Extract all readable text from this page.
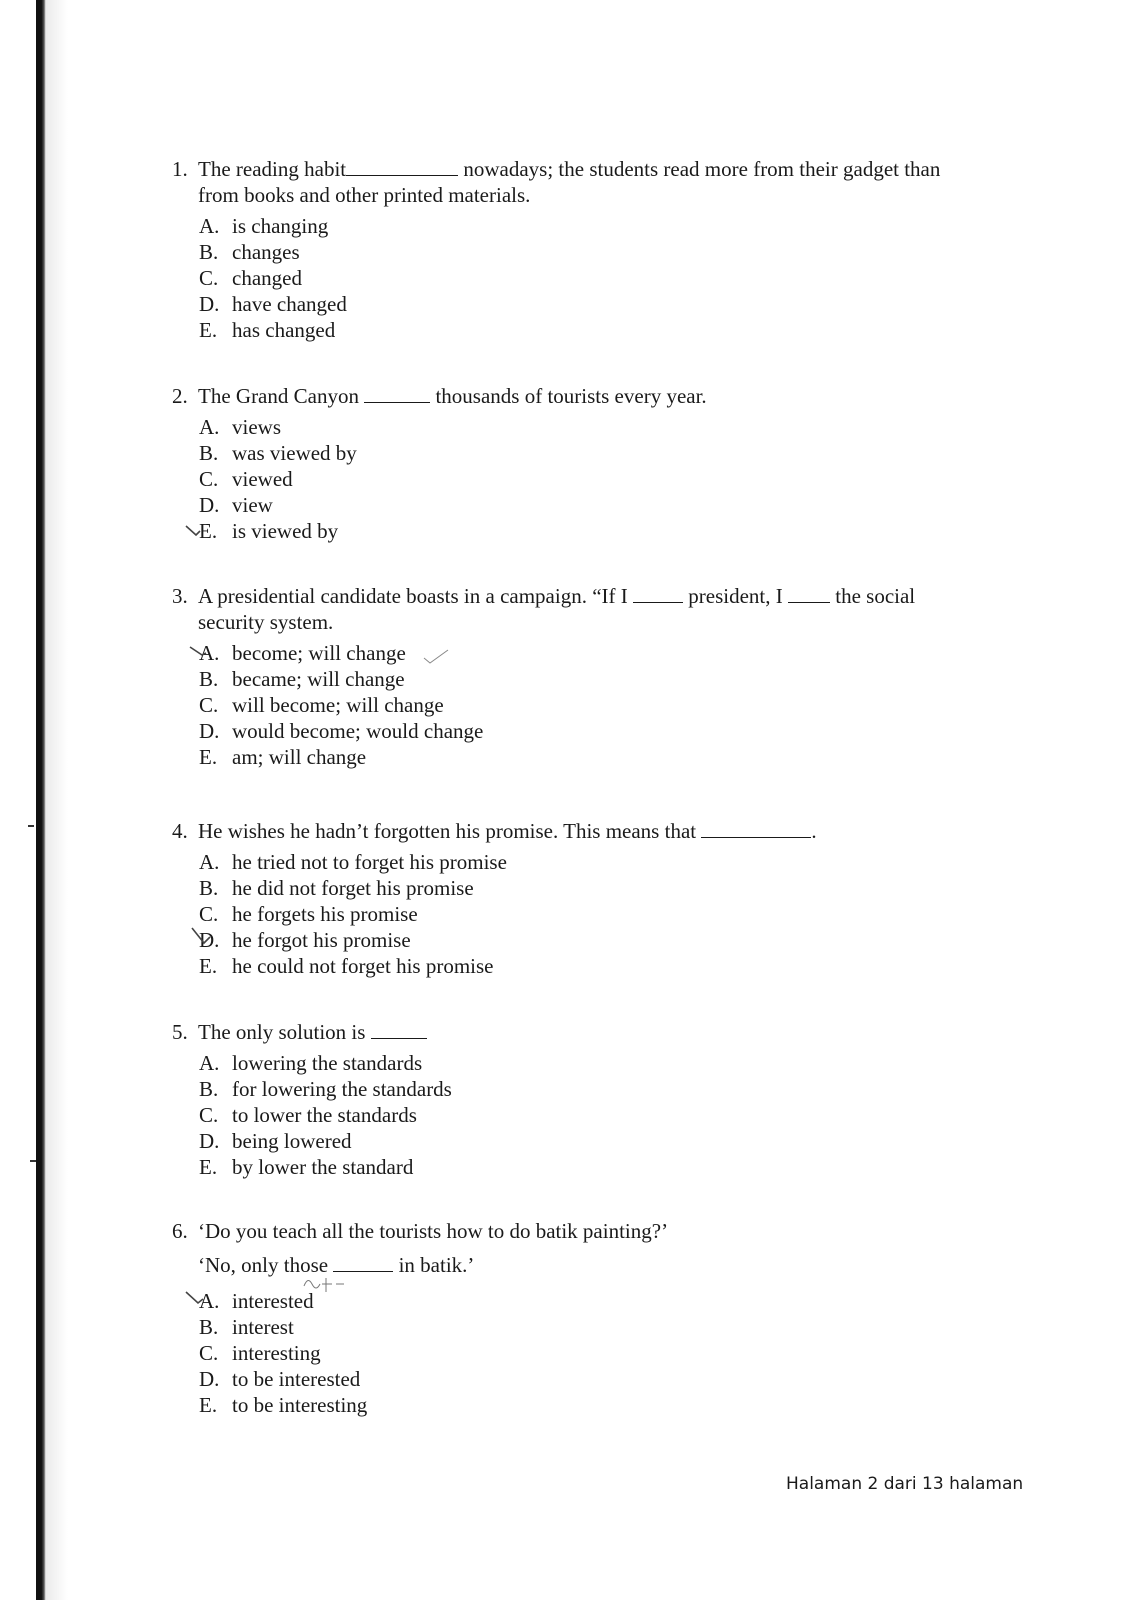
1. The reading habit	nowadays; the students read more from their gadget than
from books and other printed materials.
A. is changing
B. changes
C. changed
D. have changed
E. has changed
2. The Grand Canyon	thousands of tourists every year.
A. views
B. was viewed by
C. viewed
D. view
E. is viewed by
3. A presidential candidate boasts in a campaign. “If I	president, I	the social
security system.
A. become; will change
B. became; will change
C. will become; will change
D. would become; would change
E. am; will change
4. He wishes he hadn’t forgotten his promise. This means that	.
A. he tried not to forget his promise
B. he did not forget his promise
C. he forgets his promise
D. he forgot his promise
E. he could not forget his promise
5. The only solution is
A. lowering the standards
B. for lowering the standards
C. to lower the standards
D. being lowered
E. by lower the standard
6. ‘Do you teach all the tourists how to do batik painting?’
‘No, only those	in batik.’
A. interested
B. interest
C. interesting
D. to be interested
E. to be interesting
Halaman 2 dari 13 halaman
